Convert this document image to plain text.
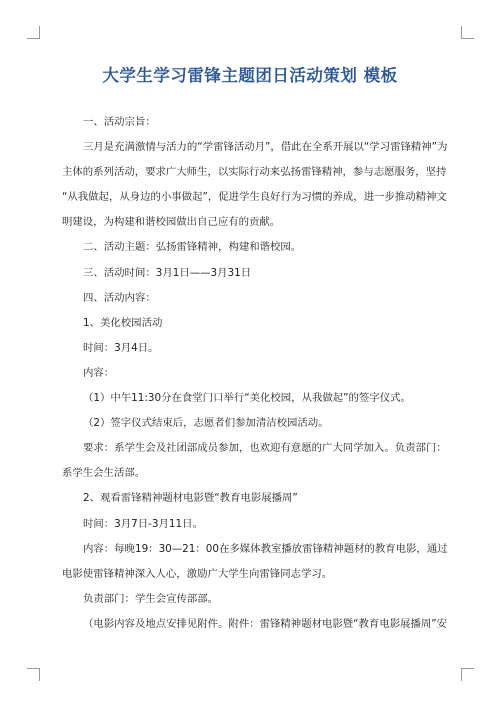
大学生学习雷锋主题团日活动策划 模板

一、活动宗旨：

三月是充满激情与活力的“学雷锋活动月”，借此在全系开展以“学习雷锋精神”为

主体的系列活动，要求广大师生，以实际行动来弘扬雷锋精神，参与志愿服务，坚持

“从我做起，从身边的小事做起”，促进学生良好行为习惯的养成，进一步推动精神文

明建设，为构建和谐校园做出自己应有的贡献。

二、活动主题：弘扬雷锋精神，构建和谐校园。

三、活动时间：3月1日——3月31日

四、活动内容：

1、美化校园活动

时间：3月4日。

内容：

（1）中午11:30分在食堂门口举行“美化校园，从我做起”的签字仪式。

（2）签字仪式结束后，志愿者们参加清洁校园活动。

要求：系学生会及社团部成员参加，也欢迎有意愿的广大同学加入。负责部门：

系学生会生活部。

2、观看雷锋精神题材电影暨“教育电影展播周”

时间：3月7日-3月11日。

内容：每晚19：30—21：00在多媒体教室播放雷锋精神题材的教育电影，通过

电影使雷锋精神深入人心，激励广大学生向雷锋同志学习。

负责部门：学生会宣传部部。

（电影内容及地点安排见附件。附件：雷锋精神题材电影暨“教育电影展播周”安
